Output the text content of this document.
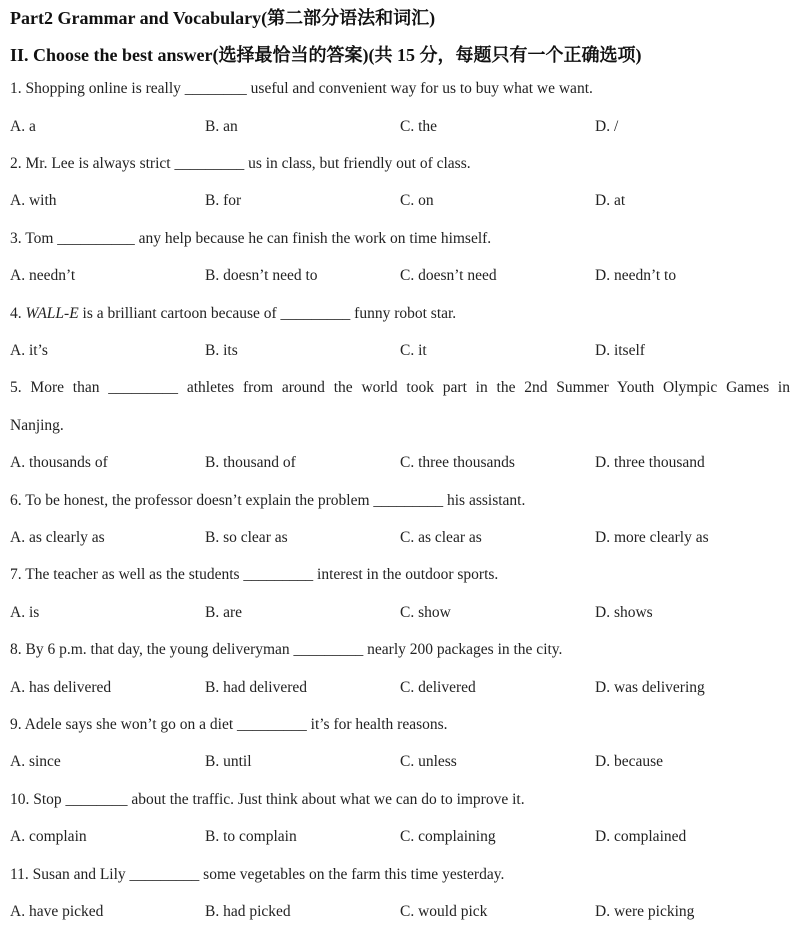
Part2 Grammar and Vocabulary(第二部分语法和词汇)
II. Choose the best answer(选择最恰当的答案)(共 15 分，每题只有一个正确选项)
1. Shopping online is really ________ useful and convenient way for us to buy what we want.
A. a	B. an	C. the	D. /
2. Mr. Lee is always strict _________ us in class, but friendly out of class.
A. with	B. for	C. on	D. at
3. Tom __________ any help because he can finish the work on time himself.
A. needn’t	B. doesn’t need to	C. doesn’t need	D. needn’t to
4. WALL-E is a brilliant cartoon because of _________ funny robot star.
A. it’s	B. its	C. it	D. itself
5. More than _________ athletes from around the world took part in the 2nd Summer Youth Olympic Games in
Nanjing.
A. thousands of	B. thousand of	C. three thousands	D. three thousand
6. To be honest, the professor doesn’t explain the problem _________ his assistant.
A. as clearly as	B. so clear as	C. as clear as	D. more clearly as
7. The teacher as well as the students _________ interest in the outdoor sports.
A. is	B. are	C. show	D. shows
8. By 6 p.m. that day, the young deliveryman _________ nearly 200 packages in the city.
A. has delivered	B. had delivered	C. delivered	D. was delivering
9. Adele says she won’t go on a diet _________ it’s for health reasons.
A. since	B. until	C. unless	D. because
10. Stop ________ about the traffic. Just think about what we can do to improve it.
A. complain	B. to complain	C. complaining	D. complained
11. Susan and Lily _________ some vegetables on the farm this time yesterday.
A. have picked	B. had picked	C. would pick	D. were picking
